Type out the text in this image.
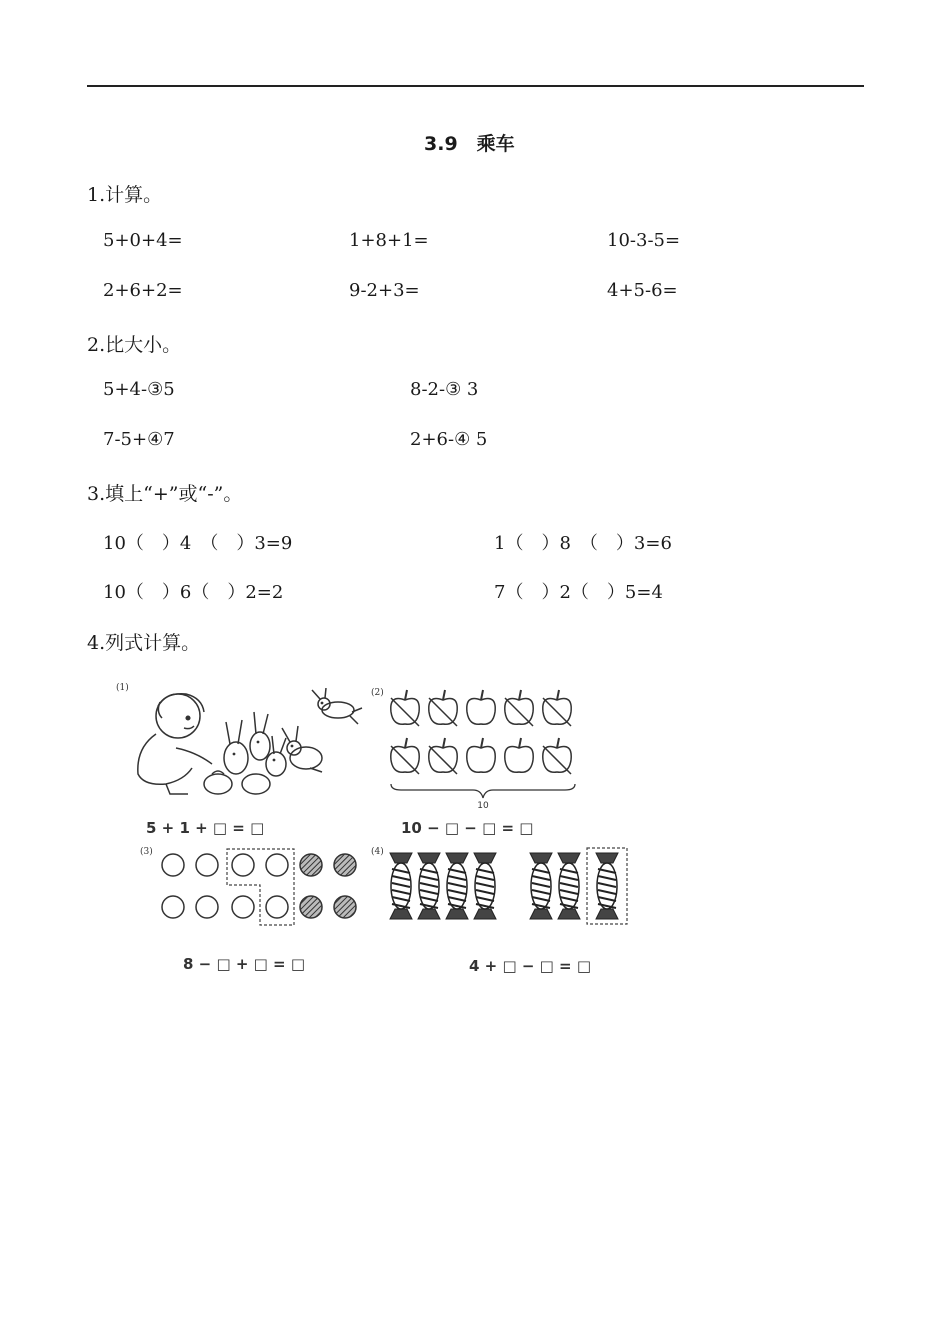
3.9　乘车
1.计算。
5+0+4=	1+8+1=	10-3-5=
2+6+2=	9-2+3=	4+5-6=
2.比大小。
5+4-③5	8-2-③ 3
7-5+④7	2+6-④ 5
3.填上“+”或“-”。
10（　）4　（　）3=9	1（　）8　（　）3=6
10（　）6（　）2=2	7（　）2（　）5=4
4.列式计算。
(1)	(2)
(3)	(4)
10
5 + 1 + □ = □	10 − □ − □ = □
8 − □ + □ = □	4 + □ − □ = □
